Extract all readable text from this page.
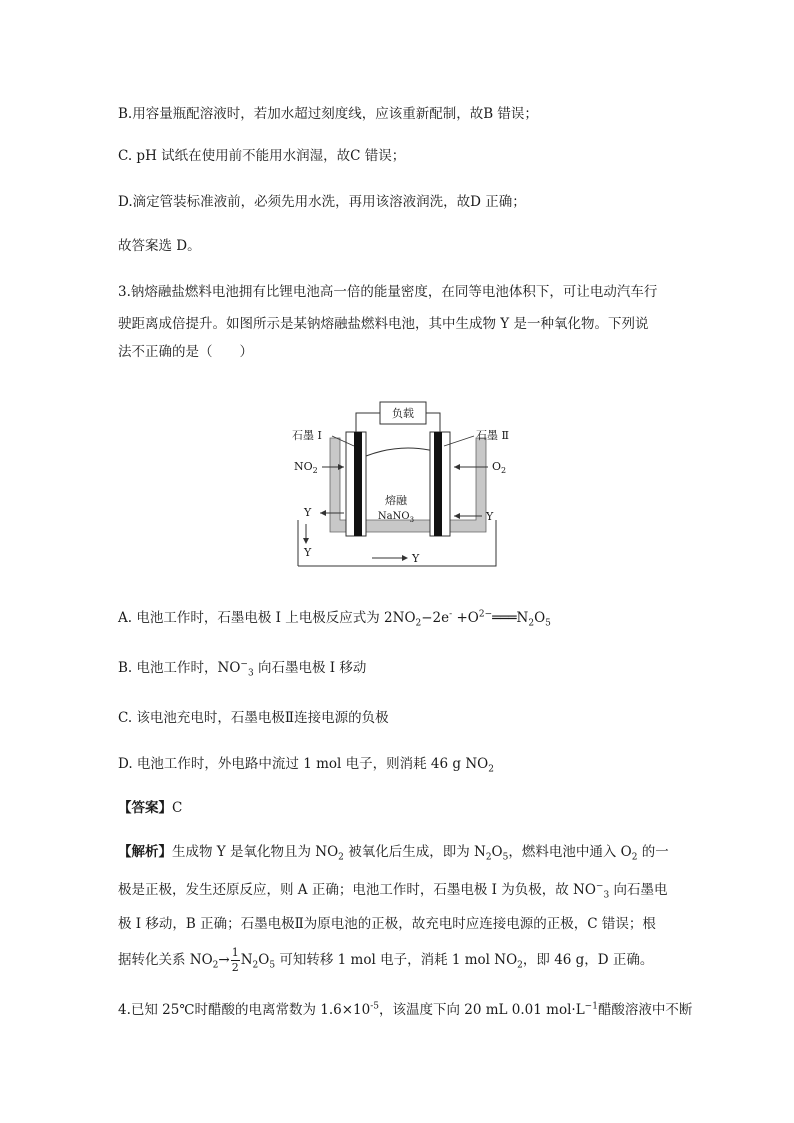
B.用容量瓶配溶液时，若加水超过刻度线，应该重新配制，故B 错误；
C. pH 试纸在使用前不能用水润湿，故C 错误；
D.滴定管装标准液前，必须先用水洗，再用该溶液润洗，故D 正确；
故答案选 D。
3.钠熔融盐燃料电池拥有比锂电池高一倍的能量密度，在同等电池体积下，可让电动汽车行
驶距离成倍提升。如图所示是某钠熔融盐燃料电池，其中生成物 Y 是一种氧化物。下列说
法不正确的是（　　）
负载
石墨 Ⅰ	石墨 Ⅱ
$NO_2$	$O_2$
熔融
NaNO$_3$
Y
Y	Y
Y
A. 电池工作时，石墨电极 I 上电极反应式为 $2NO_2-2e^-$ $+O^{2-}═══N_2O_5$
B. 电池工作时，$NO^-_3$ 向石墨电极 I 移动
C. 该电池充电时，石墨电极Ⅱ连接电源的负极
D. 电池工作时，外电路中流过 1 mol 电子，则消耗 46 g $NO_2$
【答案】C
【解析】生成物 Y 是氧化物且为 $NO_2$ 被氧化后生成，即为 $N_2O_5$，燃料电池中通入 $O_2$ 的一
极是正极，发生还原反应，则 A 正确；电池工作时，石墨电极 I 为负极，故 $NO^-_3$ 向石墨电
极 I 移动，B 正确；石墨电极Ⅱ为原电池的正极，故充电时应连接电源的正极，C 错误；根
据转化关系 $NO_2\to \frac{1}{2} N_2O_5$ 可知转移 1 mol 电子，消耗 1 mol $NO_2$，即 46 g，D 正确。
4.已知 25℃时醋酸的电离常数为 $1.6\times 10^{-5}$，该温度下向 20 mL 0.01 $mol\cdot L^{-1}$醋酸溶液中不断
